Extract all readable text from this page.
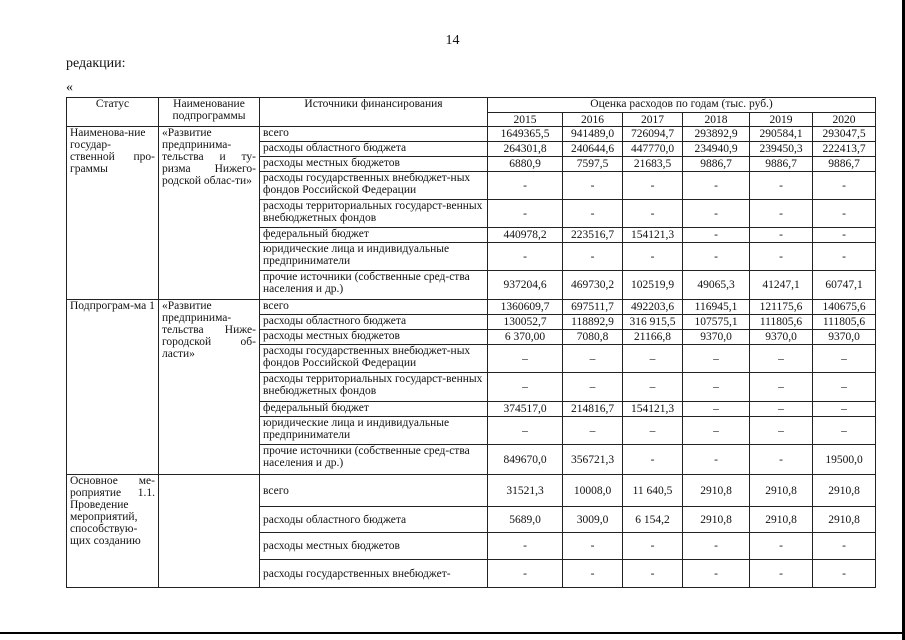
14
редакции:
«
Статус	Наименование подпрограммы	Источники финансирования	Оценка расходов по годам (тыс. руб.)					
			2015	2016	2017	2018	2019	2020
Наименова-ние государ-ственной про-граммы	«Развитие предпринима-тельства и ту-ризма Нижего-родской облас-ти»	всего	1649365,5	941489,0	726094,7	293892,9	290584,1	293047,5
		расходы областного бюджета	264301,8	240644,6	447770,0	234940,9	239450,3	222413,7
		расходы местных бюджетов	6880,9	7597,5	21683,5	9886,7	9886,7	9886,7
		расходы государственных внебюджет-ных фондов Российской Федерации	-	-	-	-	-	-
		расходы территориальных государст-венных внебюджетных фондов	-	-	-	-	-	-
		федеральный бюджет	440978,2	223516,7	154121,3	-	-	-
		юридические лица и индивидуальные предприниматели	-	-	-	-	-	-
		прочие источники (собственные сред-ства населения и др.)	937204,6	469730,2	102519,9	49065,3	41247,1	60747,1
Подпрограм-ма 1	«Развитие предпринима-тельства Ниже-городской об-ласти»	всего	1360609,7	697511,7	492203,6	116945,1	121175,6	140675,6
		расходы областного бюджета	130052,7	118892,9	316 915,5	107575,1	111805,6	111805,6
		расходы местных бюджетов	6 370,00	7080,8	21166,8	9370,0	9370,0	9370,0
		расходы государственных внебюджет-ных фондов Российской Федерации	–	–	–	–	–	–
		расходы территориальных государст-венных внебюджетных фондов	–	–	–	–	–	–
		федеральный бюджет	374517,0	214816,7	154121,3	–	–	–
		юридические лица и индивидуальные предприниматели	–	–	–	–	–	–
		прочие источники (собственные сред-ства населения и др.)	849670,0	356721,3	-	-	-	19500,0
Основное ме-роприятие 1.1. Проведение мероприятий, способствую-щих созданию		всего	31521,3	10008,0	11 640,5	2910,8	2910,8	2910,8
		расходы областного бюджета	5689,0	3009,0	6 154,2	2910,8	2910,8	2910,8
		расходы местных бюджетов	-	-	-	-	-	-
		расходы государственных внебюджет-	-	-	-	-	-	-
